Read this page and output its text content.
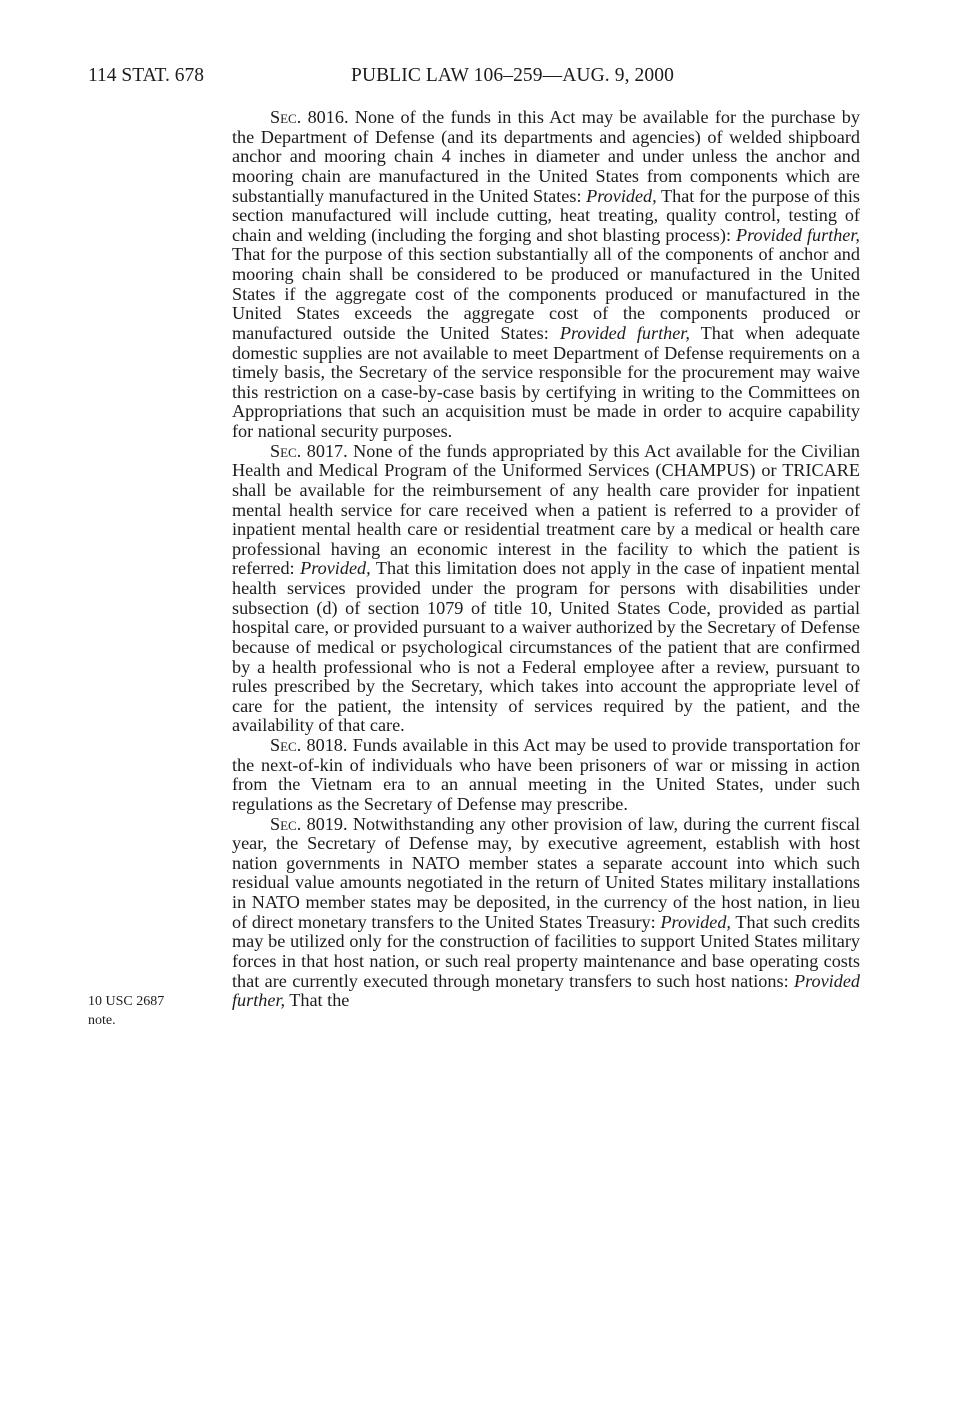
114 STAT. 678	PUBLIC LAW 106–259—AUG. 9, 2000
10 USC 2687
note.

Sec. 8016. None of the funds in this Act may be available for the purchase by the Department of Defense (and its departments and agencies) of welded shipboard anchor and mooring chain 4 inches in diameter and under unless the anchor and mooring chain are manufactured in the United States from components which are substantially manufactured in the United States: Provided, That for the purpose of this section manufactured will include cutting, heat treating, quality control, testing of chain and welding (including the forging and shot blasting process): Provided further, That for the purpose of this section substantially all of the components of anchor and mooring chain shall be considered to be produced or manufactured in the United States if the aggregate cost of the components produced or manufactured in the United States exceeds the aggregate cost of the components produced or manufactured outside the United States: Provided further, That when adequate domestic supplies are not available to meet Department of Defense requirements on a timely basis, the Secretary of the service responsible for the procurement may waive this restriction on a case-by-case basis by certifying in writing to the Committees on Appropriations that such an acquisition must be made in order to acquire capability for national security purposes.

Sec. 8017. None of the funds appropriated by this Act available for the Civilian Health and Medical Program of the Uniformed Services (CHAMPUS) or TRICARE shall be available for the reimbursement of any health care provider for inpatient mental health service for care received when a patient is referred to a provider of inpatient mental health care or residential treatment care by a medical or health care professional having an economic interest in the facility to which the patient is referred: Provided, That this limitation does not apply in the case of inpatient mental health services provided under the program for persons with disabilities under subsection (d) of section 1079 of title 10, United States Code, provided as partial hospital care, or provided pursuant to a waiver authorized by the Secretary of Defense because of medical or psychological circumstances of the patient that are confirmed by a health professional who is not a Federal employee after a review, pursuant to rules prescribed by the Secretary, which takes into account the appropriate level of care for the patient, the intensity of services required by the patient, and the availability of that care.

Sec. 8018. Funds available in this Act may be used to provide transportation for the next-of-kin of individuals who have been prisoners of war or missing in action from the Vietnam era to an annual meeting in the United States, under such regulations as the Secretary of Defense may prescribe.

Sec. 8019. Notwithstanding any other provision of law, during the current fiscal year, the Secretary of Defense may, by executive agreement, establish with host nation governments in NATO member states a separate account into which such residual value amounts negotiated in the return of United States military installations in NATO member states may be deposited, in the currency of the host nation, in lieu of direct monetary transfers to the United States Treasury: Provided, That such credits may be utilized only for the construction of facilities to support United States military forces in that host nation, or such real property maintenance and base operating costs that are currently executed through monetary transfers to such host nations: Provided further, That the
